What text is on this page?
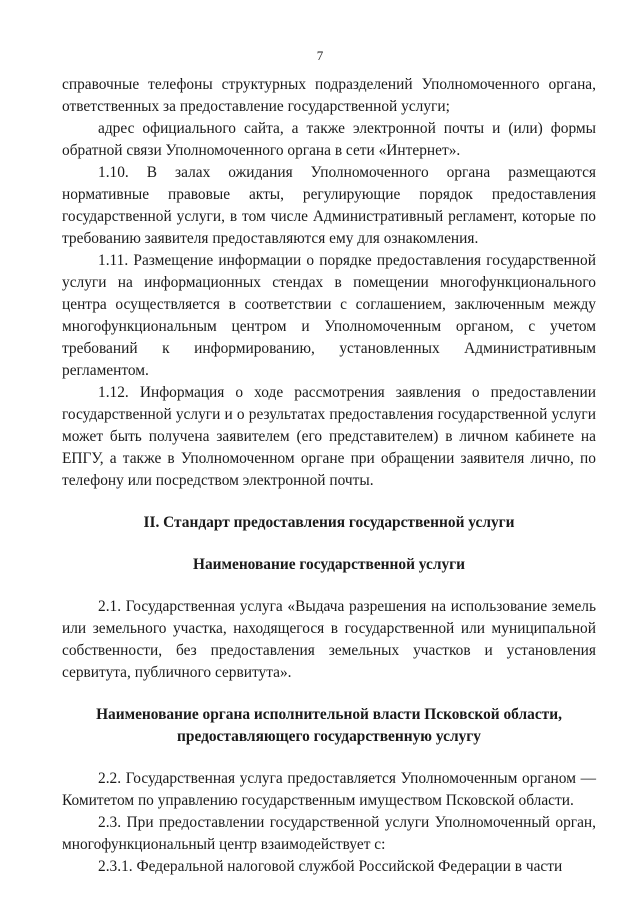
7

справочные телефоны структурных подразделений Уполномоченного органа, ответственных за предоставление государственной услуги;

адрес официального сайта, а также электронной почты и (или) формы обратной связи Уполномоченного органа в сети «Интернет».

1.10. В залах ожидания Уполномоченного органа размещаются нормативные правовые акты, регулирующие порядок предоставления государственной услуги, в том числе Административный регламент, которые по требованию заявителя предоставляются ему для ознакомления.

1.11. Размещение информации о порядке предоставления государственной услуги на информационных стендах в помещении многофункционального центра осуществляется в соответствии с соглашением, заключенным между многофункциональным центром и Уполномоченным органом, с учетом требований к информированию, установленных Административным регламентом.

1.12. Информация о ходе рассмотрения заявления о предоставлении государственной услуги и о результатах предоставления государственной услуги может быть получена заявителем (его представителем) в личном кабинете на ЕПГУ, а также в Уполномоченном органе при обращении заявителя лично, по телефону или посредством электронной почты.

II. Стандарт предоставления государственной услуги
Наименование государственной услуги

2.1. Государственная услуга «Выдача разрешения на использование земель или земельного участка, находящегося в государственной или муниципальной собственности, без предоставления земельных участков и установления сервитута, публичного сервитута».

Наименование органа исполнительной власти Псковской области,
предоставляющего государственную услугу

2.2. Государственная услуга предоставляется Уполномоченным органом — Комитетом по управлению государственным имуществом Псковской области.

2.3. При предоставлении государственной услуги Уполномоченный орган, многофункциональный центр взаимодействует с:

2.3.1. Федеральной налоговой службой Российской Федерации в части
